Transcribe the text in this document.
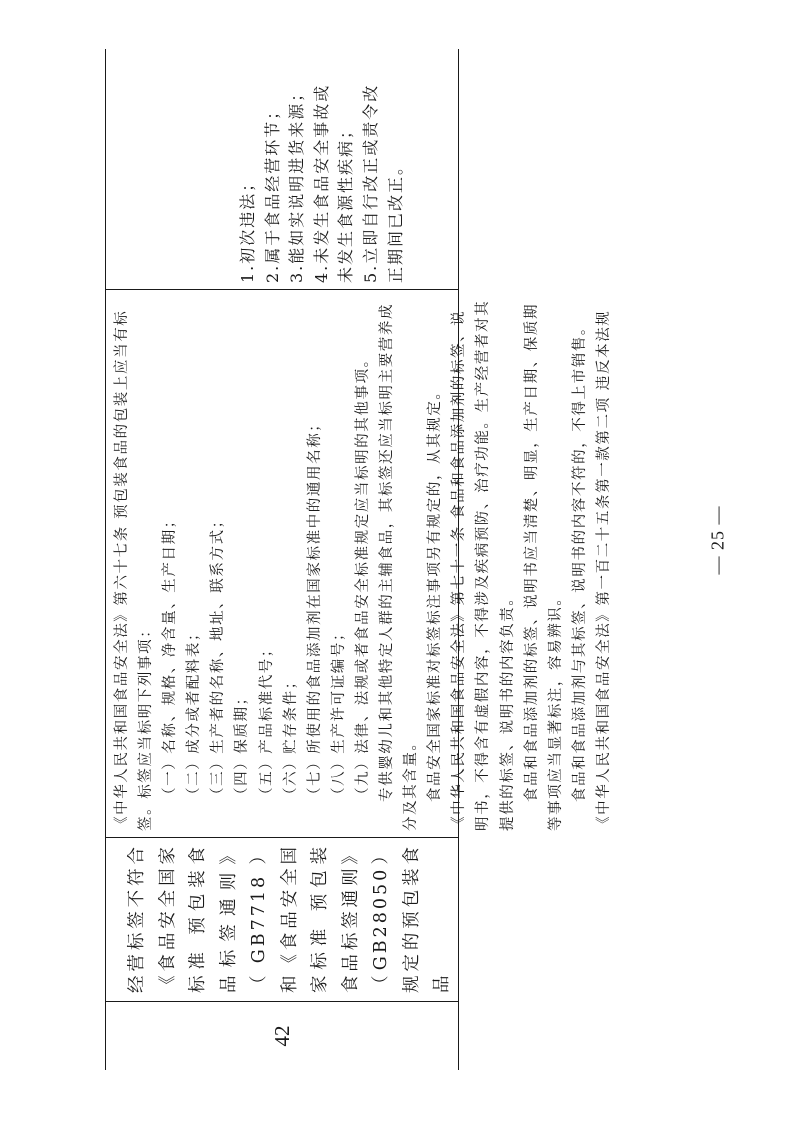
42
经营标签不符合《食品安全国家标准 预包装食品标签通则》（GB7718）和《食品安全国家标准 预包装食品标签通则》（GB28050）规定的预包装食品

《中华人民共和国食品安全法》第六十七条 预包装食品的包装上应当有标 签。标签应当标明下列事项： （一）名称、规格、净含量、生产日期； （二）成分或者配料表； （三）生产者的名称、地址、联系方式； （四）保质期； （五）产品标准代号； （六）贮存条件； （七）所使用的食品添加剂在国家标准中的通用名称； （八）生产许可证编号； （九）法律、法规或者食品安全标准规定应当标明的其他事项。 专供婴幼儿和其他特定人群的主辅食品，其标签还应当标明主要营养成 分及其含量。 食品安全国家标准对标签标注事项另有规定的，从其规定。 《中华人民共和国食品安全法》第七十一条 食品和食品添加剂的标签、说 明书，不得含有虚假内容，不得涉及疾病预防、治疗功能。生产经营者对其 提供的标签、说明书的内容负责。 食品和食品添加剂的标签、说明书应当清楚、明显，生产日期、保质期 等事项应当显著标注，容易辨识。 食品和食品添加剂与其标签、说明书的内容不符的，不得上市销售。 《中华人民共和国食品安全法》第一百二十五条第一款第二项 违反本法规

1.初次违法； 2.属于食品经营环节； 3.能如实说明进货来源； 4.未发生食品安全事故或 未发生食源性疾病； 5.立即自行改正或责令改 正期间已改正。

— 25 —
